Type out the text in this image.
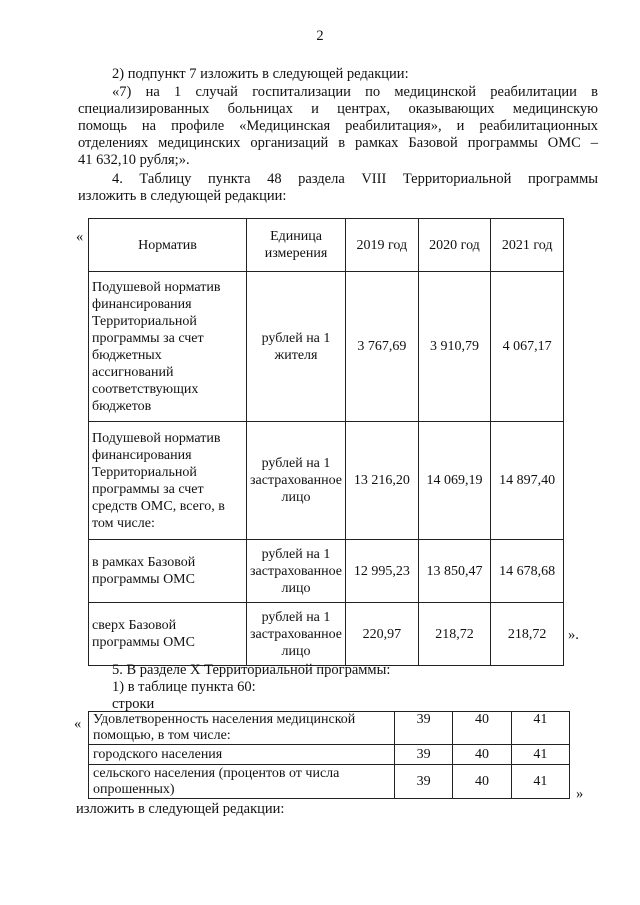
2
2) подпункт 7 изложить в следующей редакции:
«7) на 1 случай госпитализации по медицинской реабилитации в
специализированных больницах и центрах, оказывающих медицинскую
помощь на профиле «Медицинская реабилитация», и реабилитационных
отделениях медицинских организаций в рамках Базовой программы ОМС –
41 632,10 рубля;».
4. Таблицу пункта 48 раздела VIII Территориальной программы
изложить в следующей редакции:
«	Норматив	Единица измерения	2019 год	2020 год	2021 год
Подушевой норматив финансирования Территориальной программы за счет бюджетных ассигнований соответствующих бюджетов	рублей на 1 жителя	3 767,69	3 910,79	4 067,17
Подушевой норматив финансирования Территориальной программы за счет средств ОМС, всего, в том числе:	рублей на 1 застрахованное лицо	13 216,20	14 069,19	14 897,40
в рамках Базовой программы ОМС	рублей на 1 застрахованное лицо	12 995,23	13 850,47	14 678,68
сверх Базовой программы ОМС	рублей на 1 застрахованное лицо	220,97	218,72	218,72 ».
5. В разделе X Территориальной программы:
1) в таблице пункта 60:
строки
« Удовлетворенность населения медицинской
помощью, в том числе:	39	40	41
городского населения	39	40	41

сельского населения (процентов от числа
опрошенных)	39	40	41
»
изложить в следующей редакции:
